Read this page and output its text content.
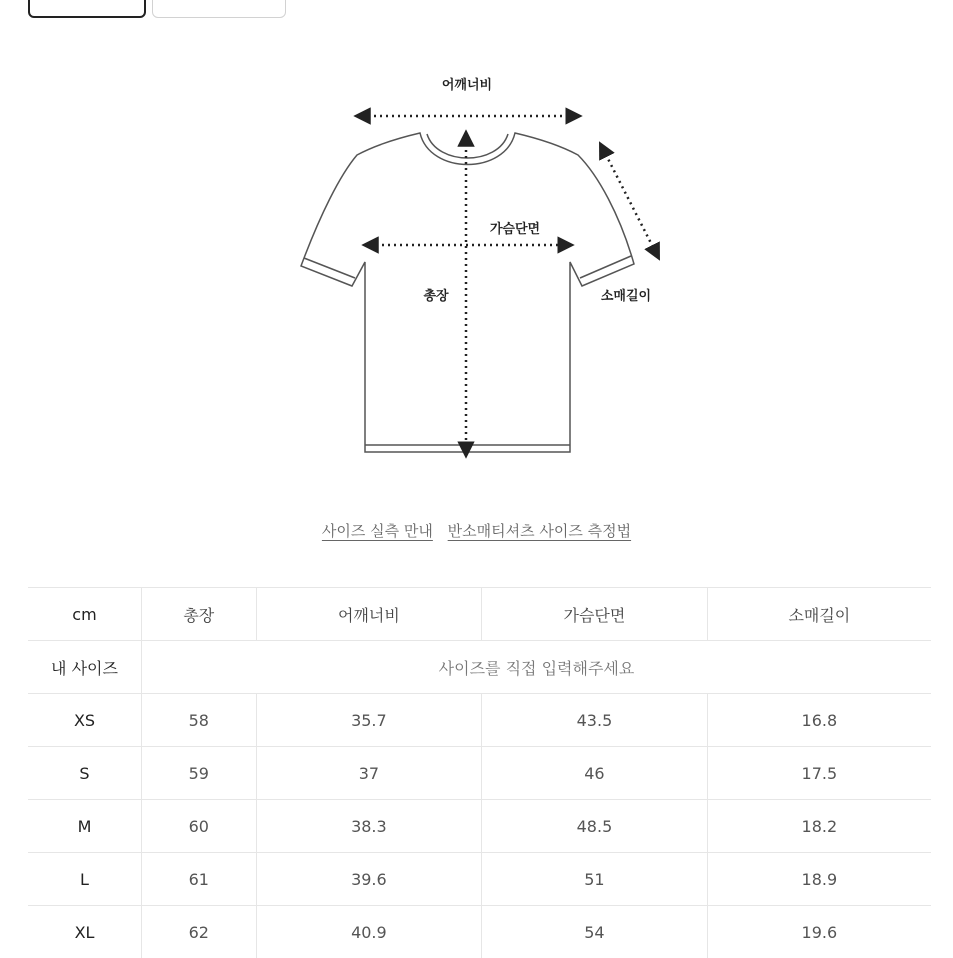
어깨너비
가슴단면
총장	소매길이
사이즈 실측 만내 반소매티셔츠 사이즈 측정법
cm	총장	어깨너비	가슴단면	소매길이
내 사이즈	사이즈를 직접 입력해주세요			
XS	58	35.7	43.5	16.8
S	59	37	46	17.5
M	60	38.3	48.5	18.2
L	61	39.6	51	18.9
XL	62	40.9	54	19.6
